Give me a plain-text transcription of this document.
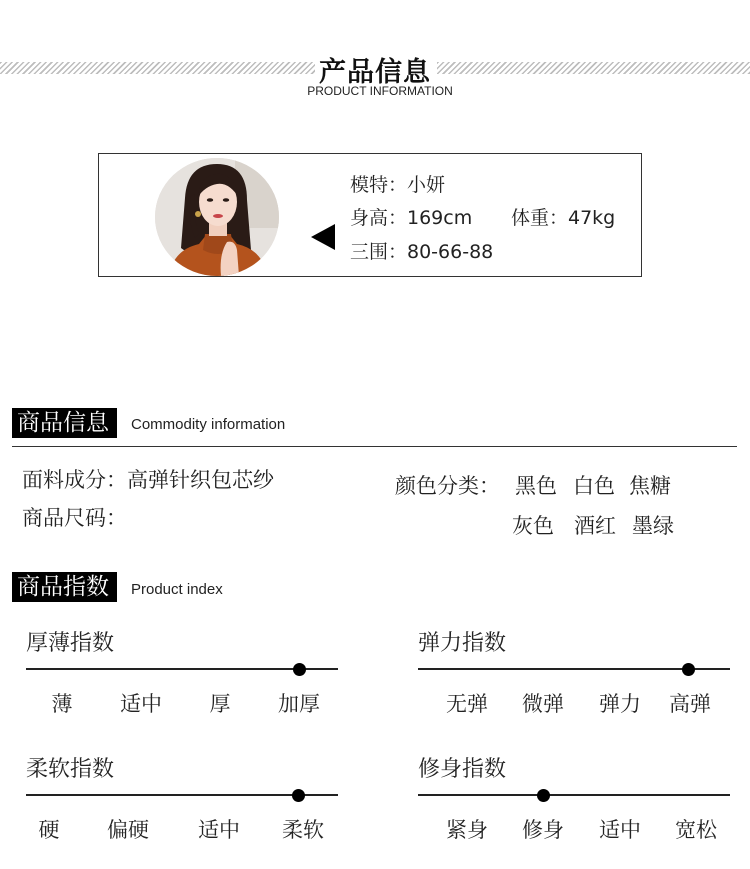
产品信息
PRODUCT INFORMATION
模特：小妍
身高：169cm 体重：47kg
三围：80-66-88
商品信息	Commodity information
面料成分：高弹针织包芯纱
商品尺码：
颜色分类： 黑色 白色 焦糖
灰色 酒红 墨绿
商品指数	Product index
厚薄指数
薄 适中 厚 加厚
弹力指数
无弹 微弹 弹力 高弹
柔软指数
硬 偏硬 适中 柔软
修身指数
紧身 修身 适中 宽松
